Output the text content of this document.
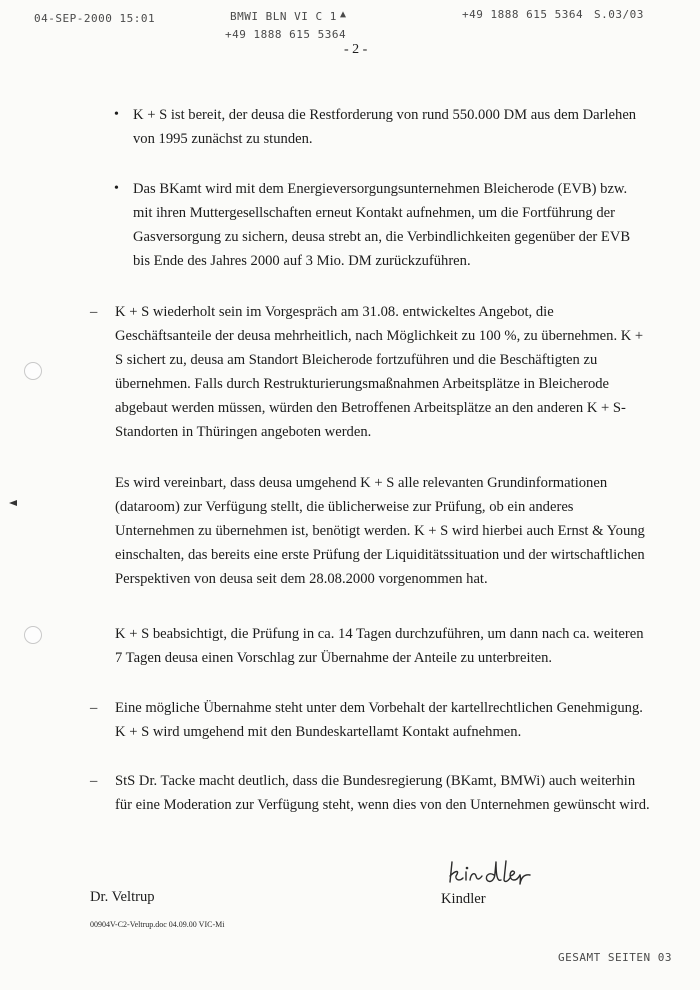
04-SEP-2000 15:01	BMWI BLN VI C 1 ▲
+49 1888 615 5364
+49 1888 615 5364 S.03/03
- 2 -
• K + S ist bereit, der deusa die Restforderung von rund 550.000 DM aus dem Darlehen von 1995 zunächst zu stunden.
• Das BKamt wird mit dem Energieversorgungsunternehmen Bleicherode (EVB) bzw. mit ihren Muttergesellschaften erneut Kontakt aufnehmen, um die Fortführung der Gasversorgung zu sichern, deusa strebt an, die Verbindlichkeiten gegenüber der EVB bis Ende des Jahres 2000 auf 3 Mio. DM zurückzuführen.
– K + S wiederholt sein im Vorgespräch am 31.08. entwickeltes Angebot, die Geschäftsanteile der deusa mehrheitlich, nach Möglichkeit zu 100 %, zu übernehmen. K + S sichert zu, deusa am Standort Bleicherode fortzuführen und die Beschäftigten zu übernehmen. Falls durch Restrukturierungsmaßnahmen Arbeitsplätze in Bleicherode abgebaut werden müssen, würden den Betroffenen Arbeitsplätze an den anderen K + S-Standorten in Thüringen angeboten werden.
Es wird vereinbart, dass deusa umgehend K + S alle relevanten Grundinformationen (dataroom) zur Verfügung stellt, die üblicherweise zur Prüfung, ob ein anderes Unternehmen zu übernehmen ist, benötigt werden. K + S wird hierbei auch Ernst & Young einschalten, das bereits eine erste Prüfung der Liquiditätssituation und der wirtschaftlichen Perspektiven von deusa seit dem 28.08.2000 vorgenommen hat.
K + S beabsichtigt, die Prüfung in ca. 14 Tagen durchzuführen, um dann nach ca. weiteren 7 Tagen deusa einen Vorschlag zur Übernahme der Anteile zu unterbreiten.
– Eine mögliche Übernahme steht unter dem Vorbehalt der kartellrechtlichen Genehmigung. K + S wird umgehend mit den Bundeskartellamt Kontakt aufnehmen.
– StS Dr. Tacke macht deutlich, dass die Bundesregierung (BKamt, BMWi) auch weiterhin für eine Moderation zur Verfügung steht, wenn dies von den Unternehmen gewünscht wird.
Dr. Veltrup	Kindler
00904V-C2-Veltrup.doc 04.09.00 VIC-Mi
GESAMT SEITEN 03
